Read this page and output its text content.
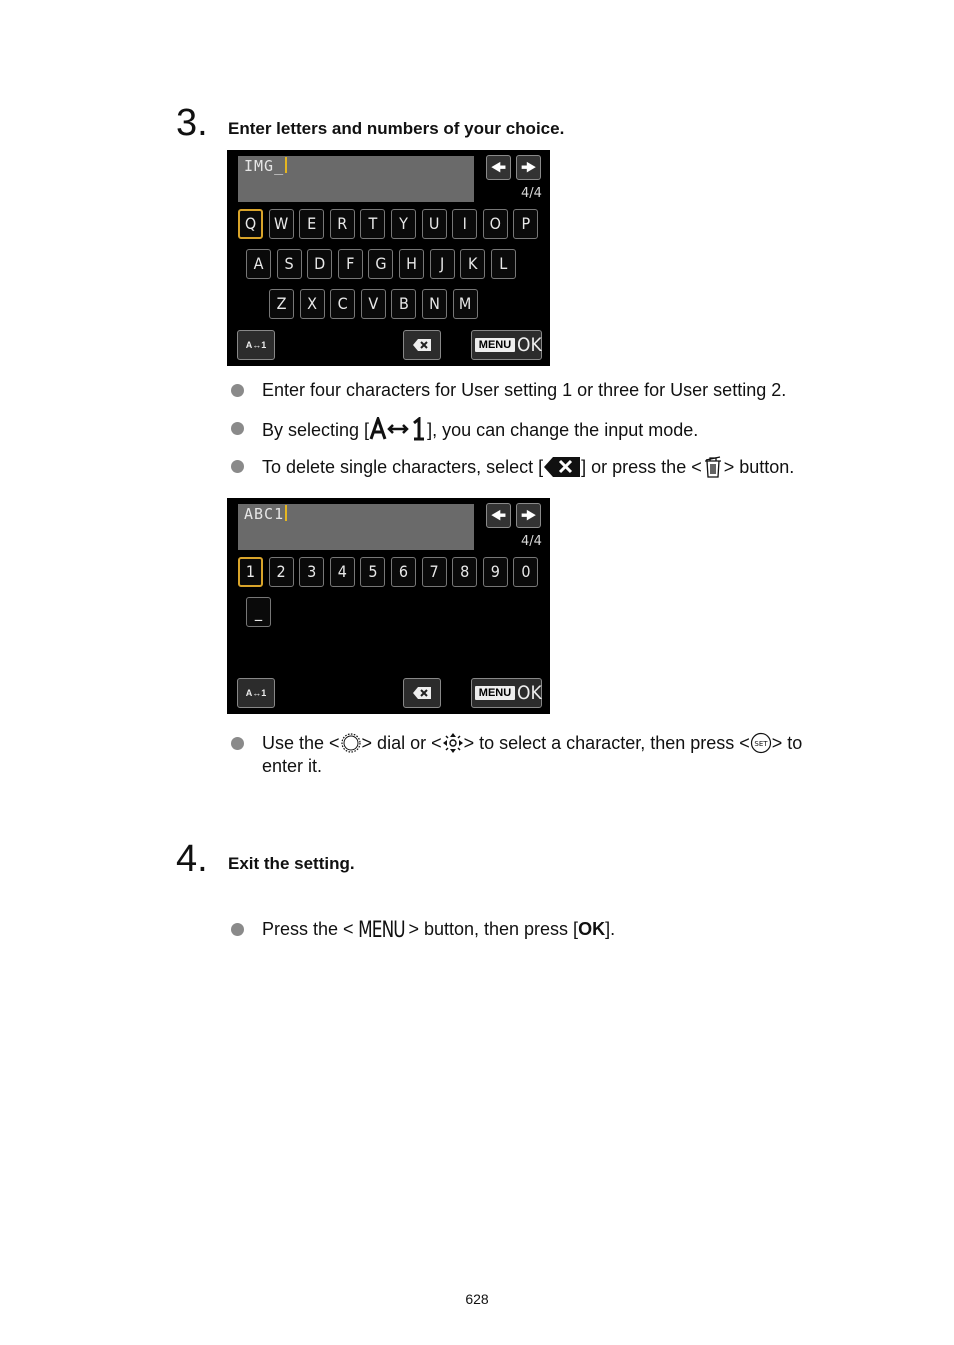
3. Enter letters and numbers of your choice.
IMG_	🠜 🠞
4/4
Q	W	E	R	T	Y	U	I	O	P
A	S	D	F	G	H	J	K	L
Z	X	C	V	B	N	M
A↔1	MENU OK
Enter four characters for User setting 1 or three for User setting 2.
By selecting [	], you can change the input mode.
To delete single characters, select [ ] or press the < > button.
ABC1	🠜 🠞
4/4
1	2	3	4	5	6	7	8	9	0
_
A↔1	MENU OK
Use the < > dial or < > to select a character, then press < SET > to
enter it.
4. Exit the setting.
Press the < MENU > button, then press [OK].
628
